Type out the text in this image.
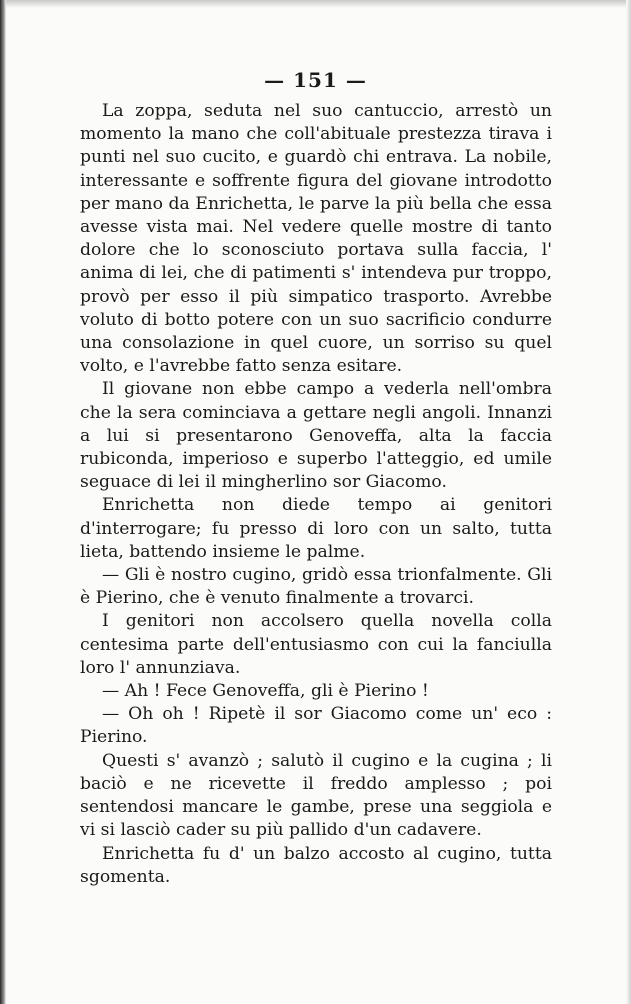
— 151 —

La zoppa, seduta nel suo cantuccio, arrestò un momento la mano che coll'abituale prestezza tirava i punti nel suo cucito, e guardò chi entrava. La nobile, interessante e soffrente figura del giovane introdotto per mano da Enrichetta, le parve la più bella che essa avesse vista mai. Nel vedere quelle mostre di tanto dolore che lo sconosciuto portava sulla faccia, l' anima di lei, che di patimenti s' intendeva pur troppo, provò per esso il più simpatico trasporto. Avrebbe voluto di botto potere con un suo sacrificio condurre una consolazione in quel cuore, un sorriso su quel volto, e l'avrebbe fatto senza esitare.

Il giovane non ebbe campo a vederla nell'ombra che la sera cominciava a gettare negli angoli. Innanzi a lui si presentarono Genoveffa, alta la faccia rubiconda, imperioso e superbo l'atteggio, ed umile seguace di lei il mingherlino sor Giacomo.

Enrichetta non diede tempo ai genitori d'interrogare; fu presso di loro con un salto, tutta lieta, battendo insieme le palme.

— Gli è nostro cugino, gridò essa trionfalmente. Gli è Pierino, che è venuto finalmente a trovarci.

I genitori non accolsero quella novella colla centesima parte dell'entusiasmo con cui la fanciulla loro l' annunziava.

— Ah ! Fece Genoveffa, gli è Pierino !

— Oh oh ! Ripetè il sor Giacomo come un' eco : Pierino.

Questi s' avanzò ; salutò il cugino e la cugina ; li baciò e ne ricevette il freddo amplesso ; poi sentendosi mancare le gambe, prese una seggiola e vi si lasciò cader su più pallido d'un cadavere.

Enrichetta fu d' un balzo accosto al cugino, tutta sgomenta.
